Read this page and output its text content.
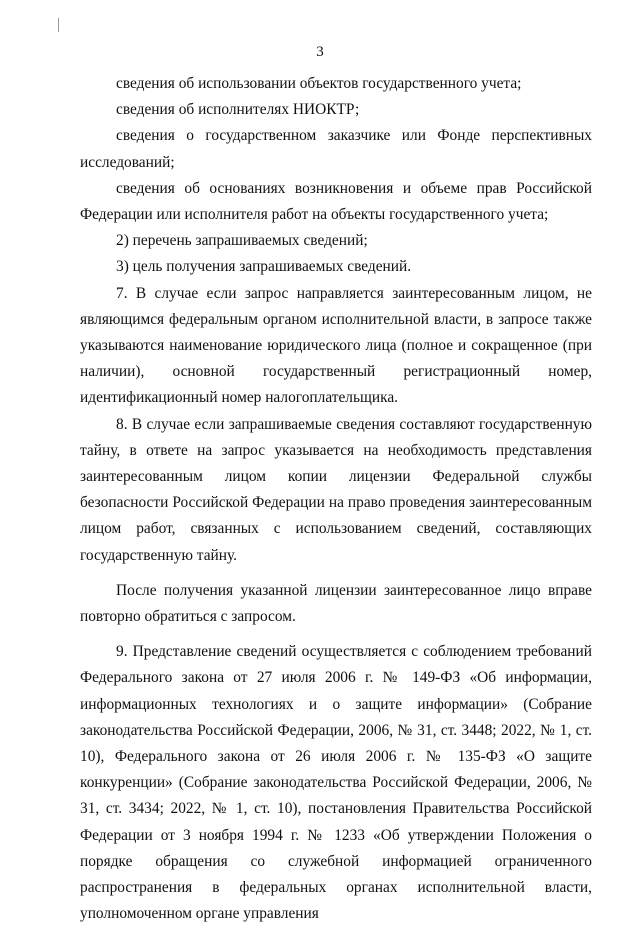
3

сведения об использовании объектов государственного учета;

сведения об исполнителях НИОКТР;

сведения о государственном заказчике или Фонде перспективных исследований;

сведения об основаниях возникновения и объеме прав Российской Федерации или исполнителя работ на объекты государственного учета;

2) перечень запрашиваемых сведений;

3) цель получения запрашиваемых сведений.

7. В случае если запрос направляется заинтересованным лицом, не являющимся федеральным органом исполнительной власти, в запросе также указываются наименование юридического лица (полное и сокращенное (при наличии), основной государственный регистрационный номер, идентификационный номер налогоплательщика.

8. В случае если запрашиваемые сведения составляют государственную тайну, в ответе на запрос указывается на необходимость представления заинтересованным лицом копии лицензии Федеральной службы безопасности Российской Федерации на право проведения заинтересованным лицом работ, связанных с использованием сведений, составляющих государственную тайну.

После получения указанной лицензии заинтересованное лицо вправе повторно обратиться с запросом.

9. Представление сведений осуществляется с соблюдением требований Федерального закона от 27 июля 2006 г. № 149-ФЗ «Об информации, информационных технологиях и о защите информации» (Собрание законодательства Российской Федерации, 2006, № 31, ст. 3448; 2022, № 1, ст. 10), Федерального закона от 26 июля 2006 г. № 135-ФЗ «О защите конкуренции» (Собрание законодательства Российской Федерации, 2006, № 31, ст. 3434; 2022, № 1, ст. 10), постановления Правительства Российской Федерации от 3 ноября 1994 г. № 1233 «Об утверждении Положения о порядке обращения со служебной информацией ограниченного распространения в федеральных органах исполнительной власти, уполномоченном органе управления
